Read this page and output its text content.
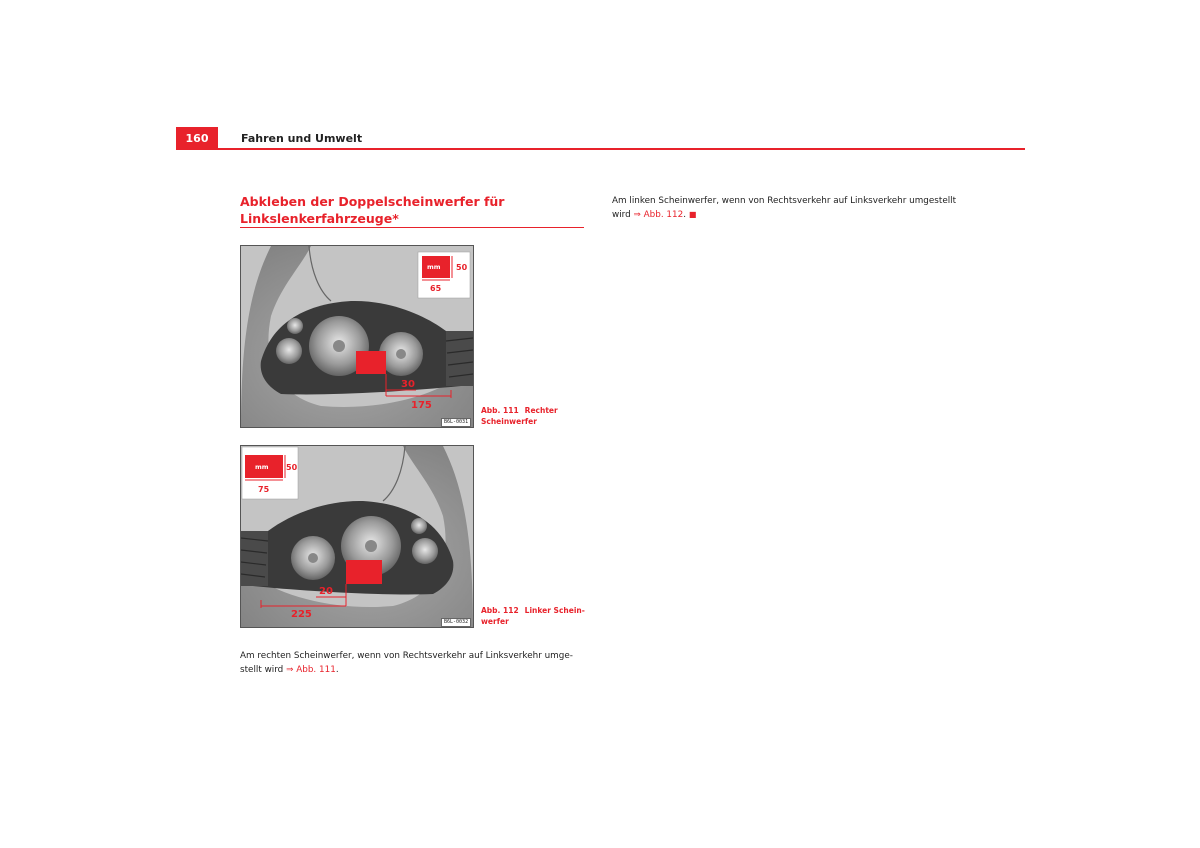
160	Fahren und Umwelt
Abkleben der Doppelscheinwerfer für
Linkslenkerfahrzeuge*
30
175
mm 50
65
B6L-0031
Abb. 111 Rechter
Scheinwerfer
20
225
mm 50
75
B6L-0032
Abb. 112 Linker Schein-
werfer
Am rechten Scheinwerfer, wenn von Rechtsverkehr auf Linksverkehr umge-
stellt wird ⇒ Abb. 111.
Am linken Scheinwerfer, wenn von Rechtsverkehr auf Linksverkehr umgestellt
wird ⇒ Abb. 112. ■
